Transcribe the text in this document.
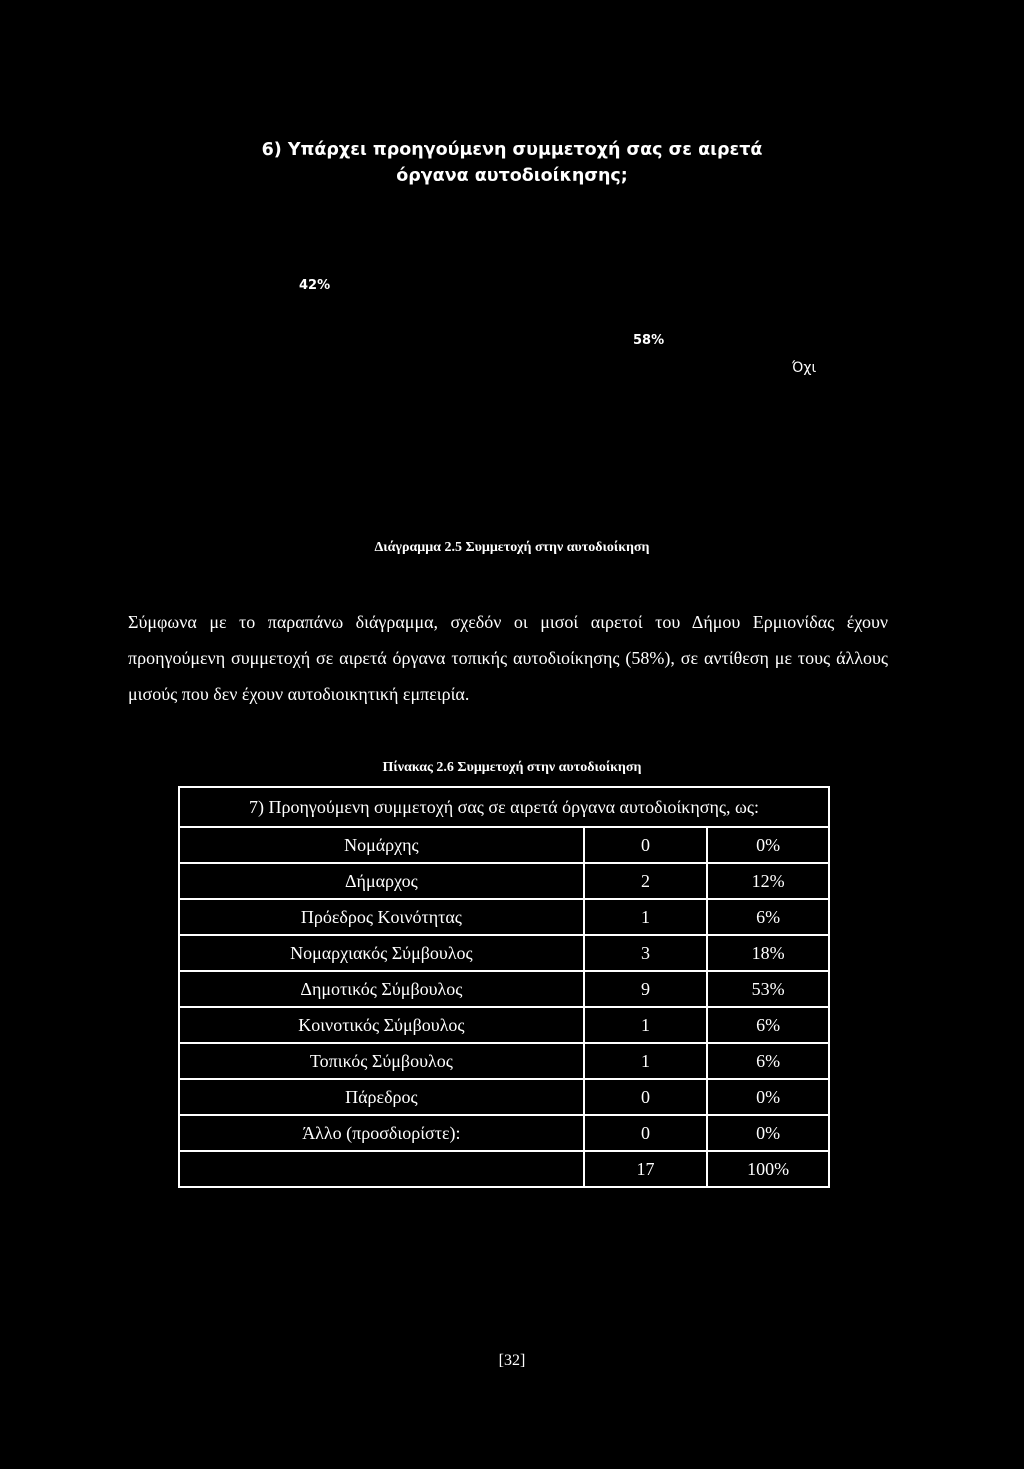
6) Υπάρχει προηγούμενη συμμετοχή σας σε αιρετά
όργανα αυτοδιοίκησης;
42%
58%
Όχι
Διάγραμμα 2.5 Συμμετοχή στην αυτοδιοίκηση

Σύμφωνα με το παραπάνω διάγραμμα, σχεδόν οι μισοί αιρετοί του Δήμου Ερμιονίδας έχουν προηγούμενη συμμετοχή σε αιρετά όργανα τοπικής αυτοδιοίκησης (58%), σε αντίθεση με τους άλλους μισούς που δεν έχουν αυτοδιοικητική εμπειρία.

Πίνακας 2.6 Συμμετοχή στην αυτοδιοίκηση
7) Προηγούμενη συμμετοχή σας σε αιρετά όργανα αυτοδιοίκησης, ως:		
Νομάρχης	0	0%
Δήμαρχος	2	12%
Πρόεδρος Κοινότητας	1	6%
Νομαρχιακός Σύμβουλος	3	18%
Δημοτικός Σύμβουλος	9	53%
Κοινοτικός Σύμβουλος	1	6%
Τοπικός Σύμβουλος	1	6%
Πάρεδρος	0	0%
Άλλο (προσδιορίστε):	0	0%
	17	100%
[32]
